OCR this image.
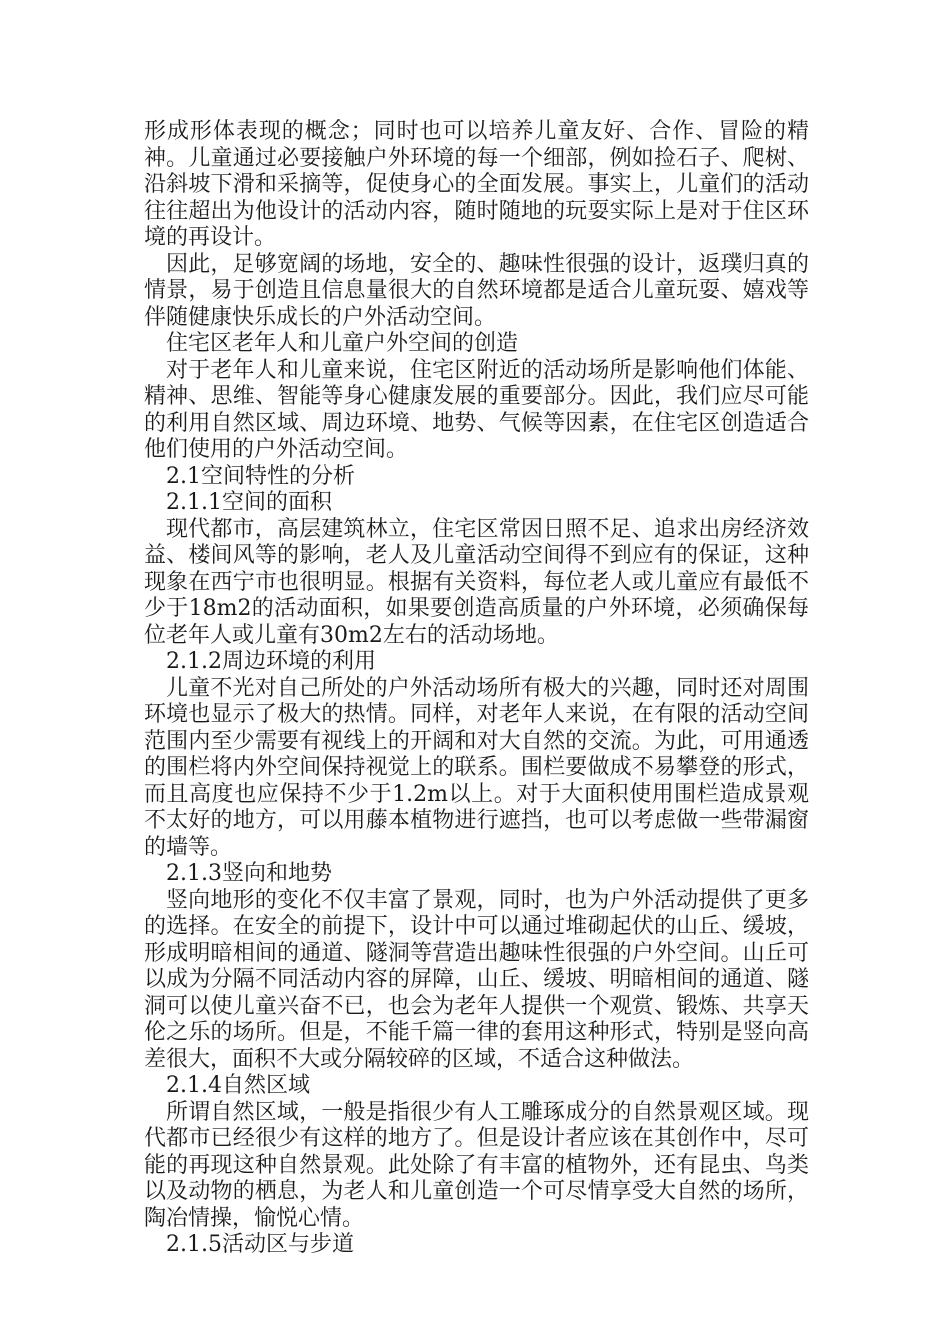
形成形体表现的概念；同时也可以培养儿童友好、合作、冒险的精神。儿童通过必要接触户外环境的每一个细部，例如捡石子、爬树、沿斜坡下滑和采摘等，促使身心的全面发展。事实上，儿童们的活动往往超出为他设计的活动内容，随时随地的玩耍实际上是对于住区环境的再设计。

因此，足够宽阔的场地，安全的、趣味性很强的设计，返璞归真的情景，易于创造且信息量很大的自然环境都是适合儿童玩耍、嬉戏等伴随健康快乐成长的户外活动空间。

住宅区老年人和儿童户外空间的创造

对于老年人和儿童来说，住宅区附近的活动场所是影响他们体能、精神、思维、智能等身心健康发展的重要部分。因此，我们应尽可能的利用自然区域、周边环境、地势、气候等因素，在住宅区创造适合他们使用的户外活动空间。

2.1空间特性的分析

2.1.1空间的面积

现代都市，高层建筑林立，住宅区常因日照不足、追求出房经济效益、楼间风等的影响，老人及儿童活动空间得不到应有的保证，这种现象在西宁市也很明显。根据有关资料，每位老人或儿童应有最低不少于18m2的活动面积，如果要创造高质量的户外环境，必须确保每位老年人或儿童有30m2左右的活动场地。

2.1.2周边环境的利用

儿童不光对自己所处的户外活动场所有极大的兴趣，同时还对周围环境也显示了极大的热情。同样，对老年人来说，在有限的活动空间范围内至少需要有视线上的开阔和对大自然的交流。为此，可用通透的围栏将内外空间保持视觉上的联系。围栏要做成不易攀登的形式，而且高度也应保持不少于1.2m以上。对于大面积使用围栏造成景观不太好的地方，可以用藤本植物进行遮挡，也可以考虑做一些带漏窗的墙等。

2.1.3竖向和地势

竖向地形的变化不仅丰富了景观，同时，也为户外活动提供了更多的选择。在安全的前提下，设计中可以通过堆砌起伏的山丘、缓坡，形成明暗相间的通道、隧洞等营造出趣味性很强的户外空间。山丘可以成为分隔不同活动内容的屏障，山丘、缓坡、明暗相间的通道、隧洞可以使儿童兴奋不已，也会为老年人提供一个观赏、锻炼、共享天伦之乐的场所。但是，不能千篇一律的套用这种形式，特别是竖向高差很大，面积不大或分隔较碎的区域，不适合这种做法。

2.1.4自然区域

所谓自然区域，一般是指很少有人工雕琢成分的自然景观区域。现代都市已经很少有这样的地方了。但是设计者应该在其创作中，尽可能的再现这种自然景观。此处除了有丰富的植物外，还有昆虫、鸟类以及动物的栖息，为老人和儿童创造一个可尽情享受大自然的场所，陶冶情操，愉悦心情。

2.1.5活动区与步道
